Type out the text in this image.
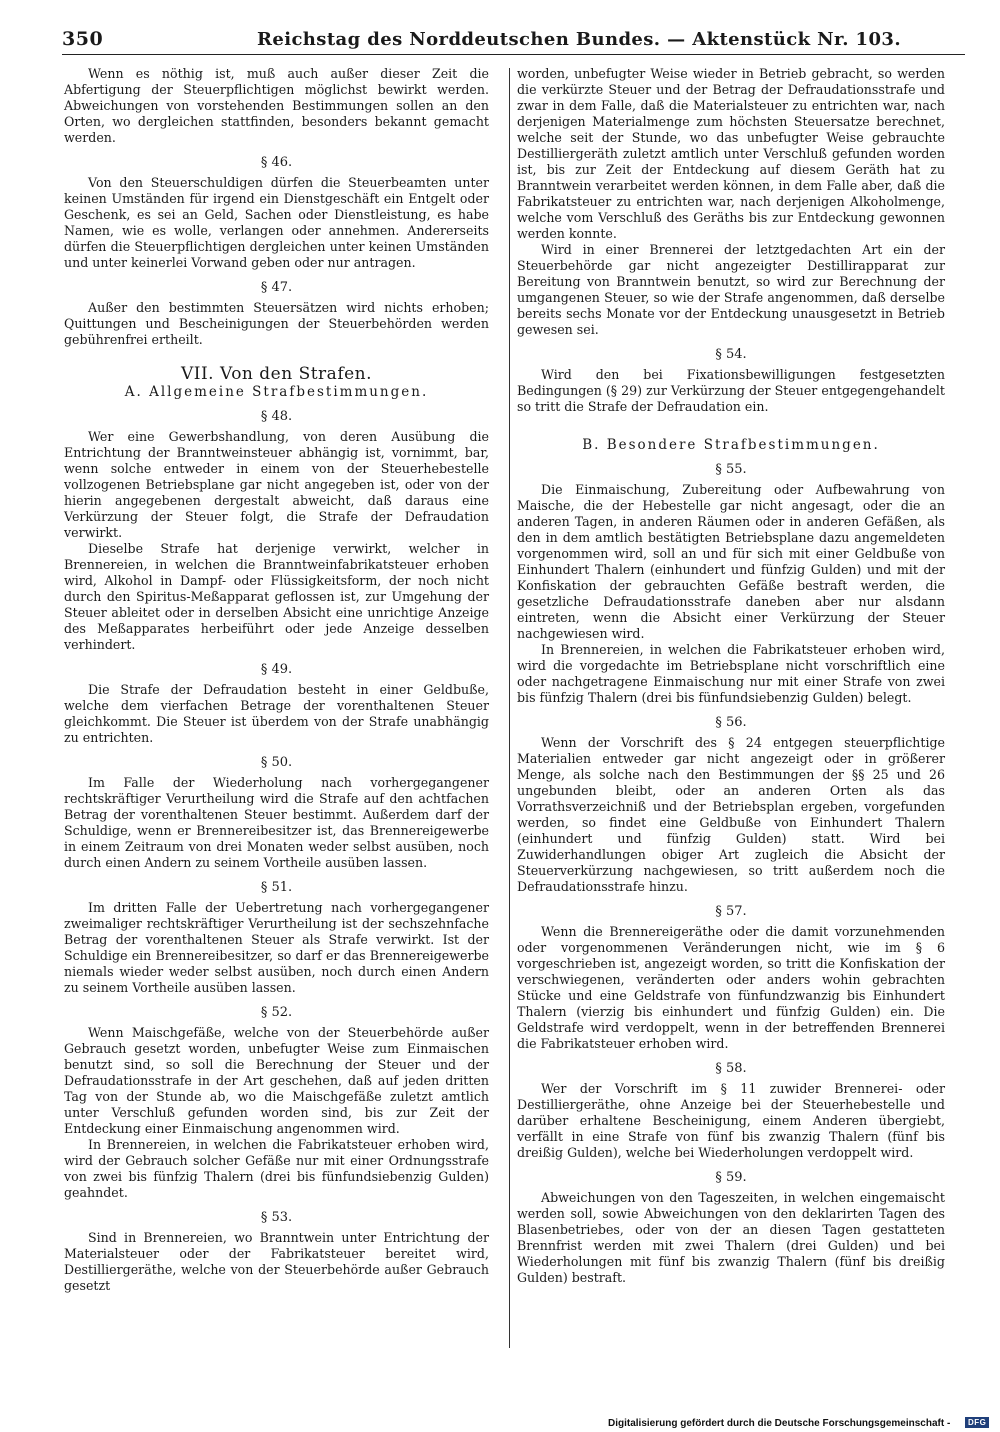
350	Reichstag des Norddeutschen Bundes. — Aktenstück Nr. 103.

Wenn es nöthig ist, muß auch außer dieser Zeit die Abfertigung der Steuerpflichtigen möglichst bewirkt werden. Abweichungen von vorstehenden Bestimmungen sollen an den Orten, wo dergleichen stattfinden, besonders bekannt gemacht werden.

§ 46.

Von den Steuerschuldigen dürfen die Steuerbeamten unter keinen Umständen für irgend ein Dienstgeschäft ein Entgelt oder Geschenk, es sei an Geld, Sachen oder Dienstleistung, es habe Namen, wie es wolle, verlangen oder annehmen. Andererseits dürfen die Steuerpflichtigen dergleichen unter keinen Umständen und unter keinerlei Vorwand geben oder nur antragen.

§ 47.

Außer den bestimmten Steuersätzen wird nichts erhoben; Quittungen und Bescheinigungen der Steuerbehörden werden gebührenfrei ertheilt.

VII. Von den Strafen.
A. Allgemeine Strafbestimmungen.
§ 48.

Wer eine Gewerbshandlung, von deren Ausübung die Entrichtung der Branntweinsteuer abhängig ist, vornimmt, bar, wenn solche entweder in einem von der Steuerhebestelle vollzogenen Betriebsplane gar nicht angegeben ist, oder von der hierin angegebenen dergestalt abweicht, daß daraus eine Verkürzung der Steuer folgt, die Strafe der Defraudation verwirkt.

Dieselbe Strafe hat derjenige verwirkt, welcher in Brennereien, in welchen die Branntweinfabrikatsteuer erhoben wird, Alkohol in Dampf- oder Flüssigkeitsform, der noch nicht durch den Spiritus-Meßapparat geflossen ist, zur Umgehung der Steuer ableitet oder in derselben Absicht eine unrichtige Anzeige des Meßapparates herbeiführt oder jede Anzeige desselben verhindert.

§ 49.

Die Strafe der Defraudation besteht in einer Geldbuße, welche dem vierfachen Betrage der vorenthaltenen Steuer gleichkommt. Die Steuer ist überdem von der Strafe unabhängig zu entrichten.

§ 50.

Im Falle der Wiederholung nach vorhergegangener rechtskräftiger Verurtheilung wird die Strafe auf den achtfachen Betrag der vorenthaltenen Steuer bestimmt. Außerdem darf der Schuldige, wenn er Brennereibesitzer ist, das Brennereigewerbe in einem Zeitraum von drei Monaten weder selbst ausüben, noch durch einen Andern zu seinem Vortheile ausüben lassen.

§ 51.

Im dritten Falle der Uebertretung nach vorhergegangener zweimaliger rechtskräftiger Verurtheilung ist der sechszehnfache Betrag der vorenthaltenen Steuer als Strafe verwirkt. Ist der Schuldige ein Brennereibesitzer, so darf er das Brennereigewerbe niemals wieder weder selbst ausüben, noch durch einen Andern zu seinem Vortheile ausüben lassen.

§ 52.

Wenn Maischgefäße, welche von der Steuerbehörde außer Gebrauch gesetzt worden, unbefugter Weise zum Einmaischen benutzt sind, so soll die Berechnung der Steuer und der Defraudationsstrafe in der Art geschehen, daß auf jeden dritten Tag von der Stunde ab, wo die Maischgefäße zuletzt amtlich unter Verschluß gefunden worden sind, bis zur Zeit der Entdeckung einer Einmaischung angenommen wird.

In Brennereien, in welchen die Fabrikatsteuer erhoben wird, wird der Gebrauch solcher Gefäße nur mit einer Ordnungsstrafe von zwei bis fünfzig Thalern (drei bis fünfundsiebenzig Gulden) geahndet.

§ 53.

Sind in Brennereien, wo Branntwein unter Entrichtung der Materialsteuer oder der Fabrikatsteuer bereitet wird, Destilliergeräthe, welche von der Steuerbehörde außer Gebrauch gesetzt

worden, unbefugter Weise wieder in Betrieb gebracht, so werden die verkürzte Steuer und der Betrag der Defraudationsstrafe und zwar in dem Falle, daß die Materialsteuer zu entrichten war, nach derjenigen Materialmenge zum höchsten Steuersatze berechnet, welche seit der Stunde, wo das unbefugter Weise gebrauchte Destilliergeräth zuletzt amtlich unter Verschluß gefunden worden ist, bis zur Zeit der Entdeckung auf diesem Geräth hat zu Branntwein verarbeitet werden können, in dem Falle aber, daß die Fabrikatsteuer zu entrichten war, nach derjenigen Alkoholmenge, welche vom Verschluß des Geräths bis zur Entdeckung gewonnen werden konnte.

Wird in einer Brennerei der letztgedachten Art ein der Steuerbehörde gar nicht angezeigter Destillirapparat zur Bereitung von Branntwein benutzt, so wird zur Berechnung der umgangenen Steuer, so wie der Strafe angenommen, daß derselbe bereits sechs Monate vor der Entdeckung unausgesetzt in Betrieb gewesen sei.

§ 54.

Wird den bei Fixationsbewilligungen festgesetzten Bedingungen (§ 29) zur Verkürzung der Steuer entgegengehandelt so tritt die Strafe der Defraudation ein.

B. Besondere Strafbestimmungen.
§ 55.

Die Einmaischung, Zubereitung oder Aufbewahrung von Maische, die der Hebestelle gar nicht angesagt, oder die an anderen Tagen, in anderen Räumen oder in anderen Gefäßen, als den in dem amtlich bestätigten Betriebsplane dazu angemeldeten vorgenommen wird, soll an und für sich mit einer Geldbuße von Einhundert Thalern (einhundert und fünfzig Gulden) und mit der Konfiskation der gebrauchten Gefäße bestraft werden, die gesetzliche Defraudationsstrafe daneben aber nur alsdann eintreten, wenn die Absicht einer Verkürzung der Steuer nachgewiesen wird.

In Brennereien, in welchen die Fabrikatsteuer erhoben wird, wird die vorgedachte im Betriebsplane nicht vorschriftlich eine oder nachgetragene Einmaischung nur mit einer Strafe von zwei bis fünfzig Thalern (drei bis fünfundsiebenzig Gulden) belegt.

§ 56.

Wenn der Vorschrift des § 24 entgegen steuerpflichtige Materialien entweder gar nicht angezeigt oder in größerer Menge, als solche nach den Bestimmungen der §§ 25 und 26 ungebunden bleibt, oder an anderen Orten als das Vorrathsverzeichniß und der Betriebsplan ergeben, vorgefunden werden, so findet eine Geldbuße von Einhundert Thalern (einhundert und fünfzig Gulden) statt. Wird bei Zuwiderhandlungen obiger Art zugleich die Absicht der Steuerverkürzung nachgewiesen, so tritt außerdem noch die Defraudationsstrafe hinzu.

§ 57.

Wenn die Brennereigeräthe oder die damit vorzunehmenden oder vorgenommenen Veränderungen nicht, wie im § 6 vorgeschrieben ist, angezeigt worden, so tritt die Konfiskation der verschwiegenen, veränderten oder anders wohin gebrachten Stücke und eine Geldstrafe von fünfundzwanzig bis Einhundert Thalern (vierzig bis einhundert und fünfzig Gulden) ein. Die Geldstrafe wird verdoppelt, wenn in der betreffenden Brennerei die Fabrikatsteuer erhoben wird.

§ 58.

Wer der Vorschrift im § 11 zuwider Brennerei- oder Destilliergeräthe, ohne Anzeige bei der Steuerhebestelle und darüber erhaltene Bescheinigung, einem Anderen übergiebt, verfällt in eine Strafe von fünf bis zwanzig Thalern (fünf bis dreißig Gulden), welche bei Wiederholungen verdoppelt wird.

§ 59.

Abweichungen von den Tageszeiten, in welchen eingemaischt werden soll, sowie Abweichungen von den deklarirten Tagen des Blasenbetriebes, oder von der an diesen Tagen gestatteten Brennfrist werden mit zwei Thalern (drei Gulden) und bei Wiederholungen mit fünf bis zwanzig Thalern (fünf bis dreißig Gulden) bestraft.

Digitalisierung gefördert durch die Deutsche Forschungsgemeinschaft -	DFG
